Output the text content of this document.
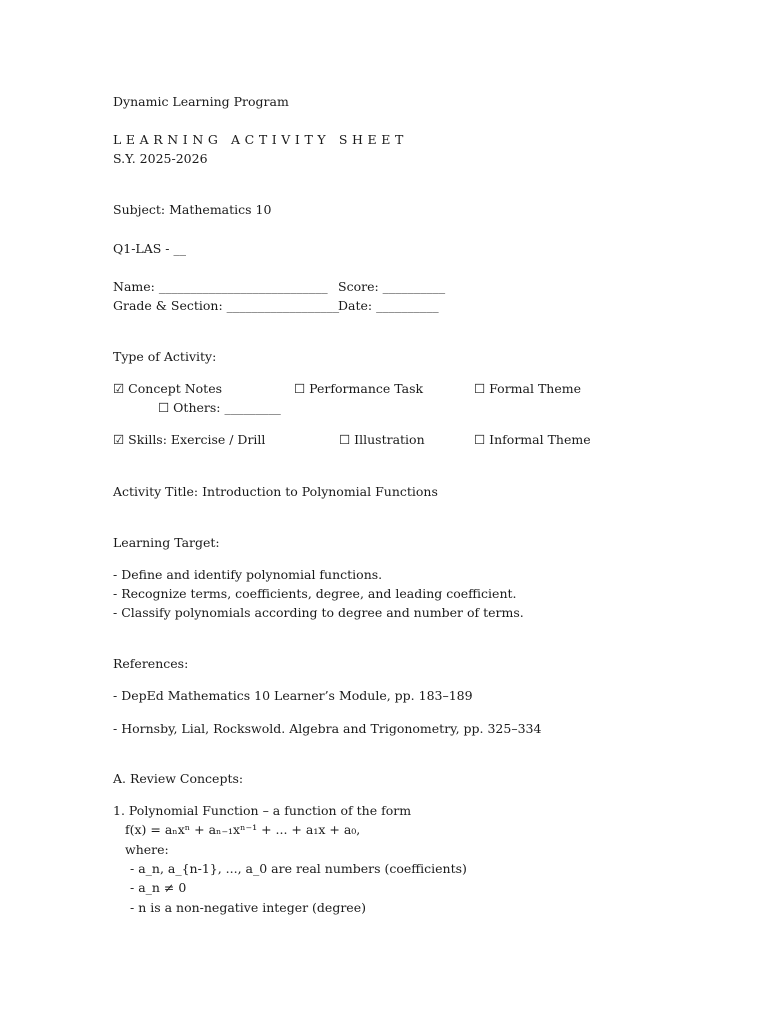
Dynamic Learning Program
LEARNING ACTIVITY SHEET
S.Y. 2025-2026
Subject: Mathematics 10
Q1-LAS - __
Name: ___________________________ Score: __________
Grade & Section: __________________
Date: __________
Type of Activity:
☑ Concept Notes	☐ Performance Task	☐ Formal Theme
☐ Others: _________
☑ Skills: Exercise / Drill	☐ Illustration	☐ Informal Theme
Activity Title: Introduction to Polynomial Functions
Learning Target:
- Define and identify polynomial functions.
- Recognize terms, coefficients, degree, and leading coefficient.
- Classify polynomials according to degree and number of terms.
References:
- DepEd Mathematics 10 Learner’s Module, pp. 183–189
- Hornsby, Lial, Rockswold. Algebra and Trigonometry, pp. 325–334
A. Review Concepts:
1. Polynomial Function – a function of the form
f(x) = aₙxⁿ + aₙ₋₁xⁿ⁻¹ + ... + a₁x + a₀,
where:
- a_n, a_{n-1}, ..., a_0 are real numbers (coefficients)
- a_n ≠ 0
- n is a non-negative integer (degree)
